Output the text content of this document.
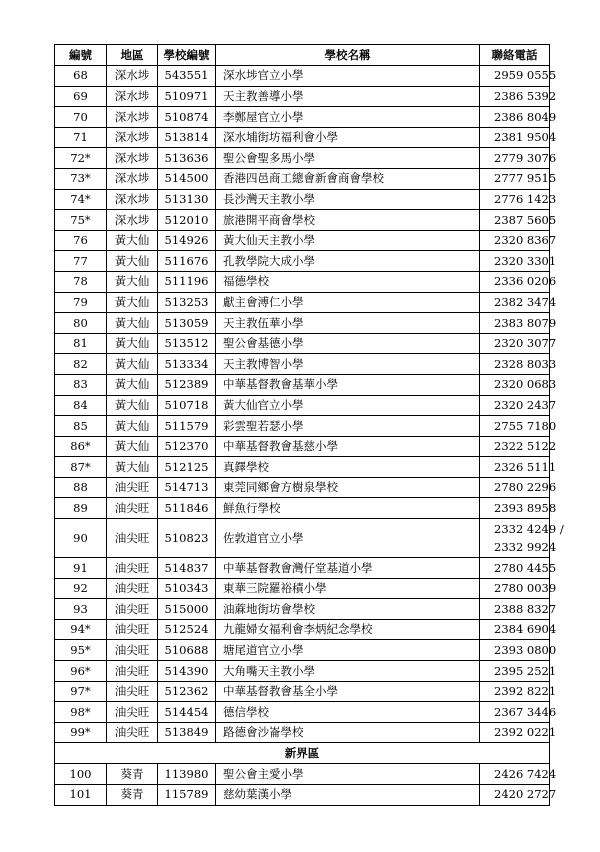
編號	地區	學校編號	學校名稱	聯絡電話
68	深水埗	543551	深水埗官立小學	2959 0555
69	深水埗	510971	天主教善導小學	2386 5392
70	深水埗	510874	李鄭屋官立小學	2386 8049
71	深水埗	513814	深水埔街坊福利會小學	2381 9504
72*	深水埗	513636	聖公會聖多馬小學	2779 3076
73*	深水埗	514500	香港四邑商工總會新會商會學校	2777 9515
74*	深水埗	513130	長沙灣天主教小學	2776 1423
75*	深水埗	512010	旅港開平商會學校	2387 5605
76	黃大仙	514926	黃大仙天主教小學	2320 8367
77	黃大仙	511676	孔教學院大成小學	2320 3301
78	黃大仙	511196	福德學校	2336 0206
79	黃大仙	513253	獻主會溥仁小學	2382 3474
80	黃大仙	513059	天主教伍華小學	2383 8079
81	黃大仙	513512	聖公會基德小學	2320 3077
82	黃大仙	513334	天主教博智小學	2328 8033
83	黃大仙	512389	中華基督教會基華小學	2320 0683
84	黃大仙	510718	黃大仙官立小學	2320 2437
85	黃大仙	511579	彩雲聖若瑟小學	2755 7180
86*	黃大仙	512370	中華基督教會基慈小學	2322 5122
87*	黃大仙	512125	真鐸學校	2326 5111
88	油尖旺	514713	東莞同鄉會方樹泉學校	2780 2296
89	油尖旺	511846	鮮魚行學校	2393 8958
90	油尖旺	510823	佐敦道官立小學	2332 4249 /
2332 9924

91	油尖旺	514837	中華基督教會灣仔堂基道小學	2780 4455
92	油尖旺	510343	東華三院羅裕積小學	2780 0039
93	油尖旺	515000	油蔴地街坊會學校	2388 8327
94*	油尖旺	512524	九龍婦女福利會李炳紀念學校	2384 6904
95*	油尖旺	510688	塘尾道官立小學	2393 0800
96*	油尖旺	514390	大角嘴天主教小學	2395 2521
97*	油尖旺	512362	中華基督教會基全小學	2392 8221
98*	油尖旺	514454	德信學校	2367 3446
99*	油尖旺	513849	路德會沙崙學校	2392 0221
新界區				
100	葵青	113980	聖公會主愛小學	2426 7424
101	葵青	115789	慈幼葉漢小學	2420 2727
